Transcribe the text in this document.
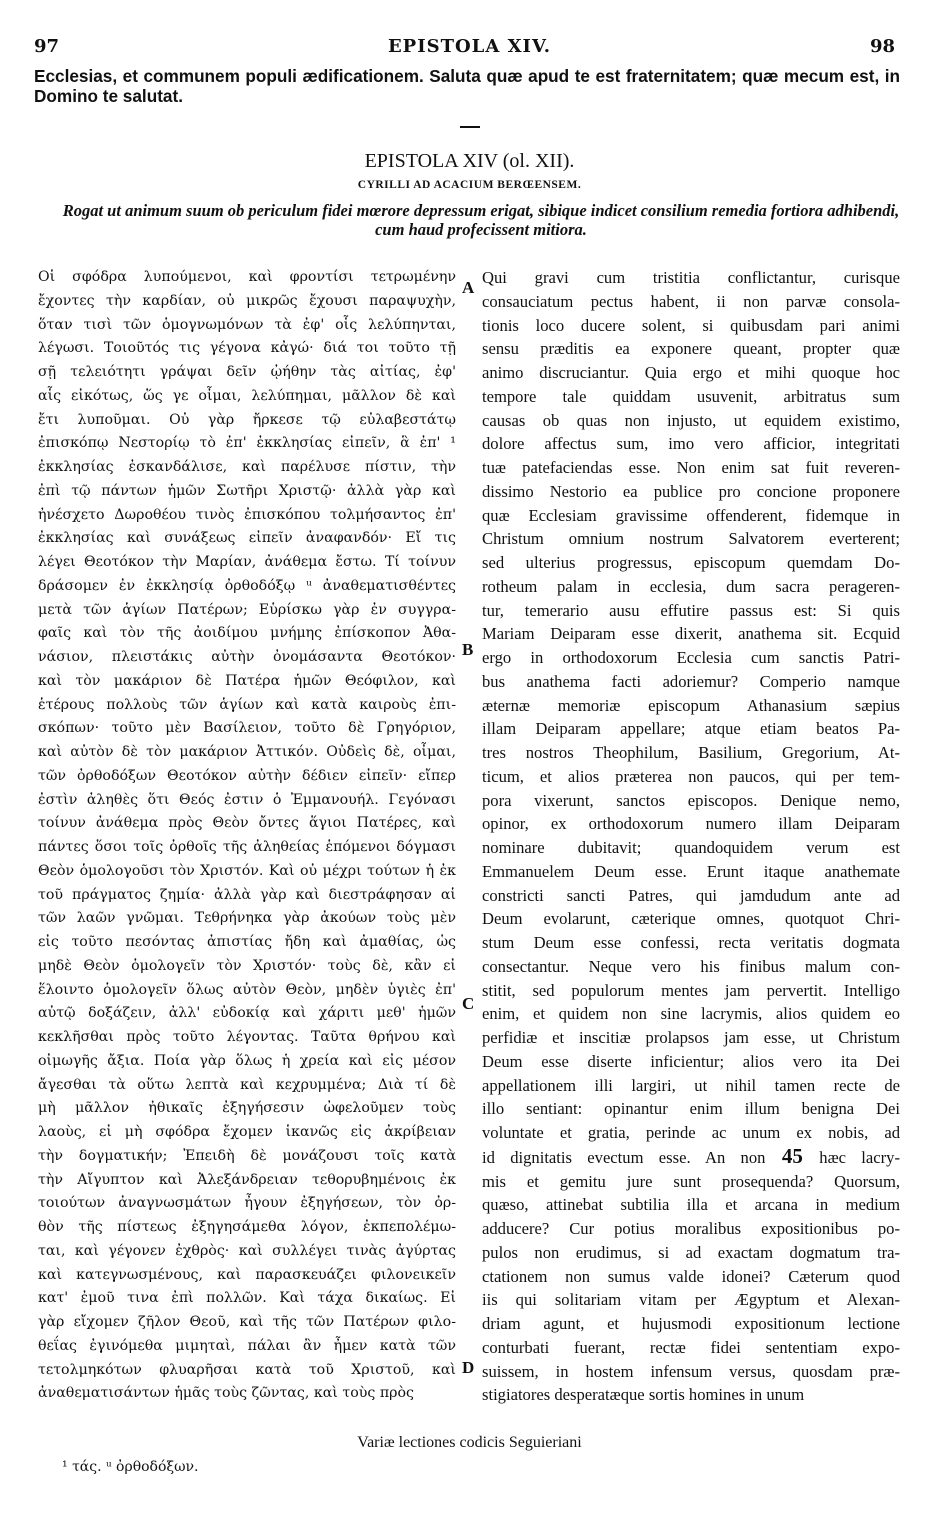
97	EPISTOLA XIV.	98
Ecclesias, et communem populi ædificationem. Saluta quæ apud te est fraternitatem; quæ mecum est, in Domino te salutat.
EPISTOLA XIV (ol. XII).
CYRILLI AD ACACIUM BERŒENSEM.
Rogat ut animum suum ob periculum fidei mœrore depressum erigat, sibique indicet consilium remedia fortiora adhibendi, cum haud profecissent mitiora.
Οἱ σφόδρα λυπούμενοι, καὶ φροντίσι τετρωμένην
ἔχοντες τὴν καρδίαν, οὐ μικρῶς ἔχουσι παραψυχὴν,
ὅταν τισὶ τῶν ὁμογνωμόνων τὰ ἐφ' οἷς λελύπηνται,
λέγωσι. Τοιοῦτός τις γέγονα κἀγώ· διά τοι τοῦτο τῇ
σῇ τελειότητι γράψαι δεῖν ᾠήθην τὰς αἰτίας, ἐφ'
αἷς εἰκότως, ὥς γε οἶμαι, λελύπημαι, μᾶλλον δὲ καὶ
ἔτι λυποῦμαι. Οὐ γὰρ ἤρκεσε τῷ εὐλαβεστάτῳ
ἐπισκόπῳ Νεστορίῳ τὸ ἐπ' ἐκκλησίας εἰπεῖν, ἃ ἐπ' ¹
ἐκκλησίας ἐσκανδάλισε, καὶ παρέλυσε πίστιν, τὴν
ἐπὶ τῷ πάντων ἡμῶν Σωτῆρι Χριστῷ· ἀλλὰ γὰρ καὶ
ἠνέσχετο Δωροθέου τινὸς ἐπισκόπου τολμήσαντος ἐπ'
ἐκκλησίας καὶ συνάξεως εἰπεῖν ἀναφανδόν· Εἴ τις
λέγει Θεοτόκον τὴν Μαρίαν, ἀνάθεμα ἔστω. Τί τοίνυν
δράσομεν ἐν ἐκκλησίᾳ ὀρθοδόξῳ ᵘ ἀναθεματισθέντες
μετὰ τῶν ἁγίων Πατέρων; Εὑρίσκω γὰρ ἐν συγγρα-
φαῖς καὶ τὸν τῆς ἀοιδίμου μνήμης ἐπίσκοπον Ἀθα-
νάσιον, πλειστάκις αὐτὴν ὀνομάσαντα Θεοτόκον·
καὶ τὸν μακάριον δὲ Πατέρα ἡμῶν Θεόφιλον, καὶ
ἑτέρους πολλοὺς τῶν ἁγίων καὶ κατὰ καιροὺς ἐπι-
σκόπων· τοῦτο μὲν Βασίλειον, τοῦτο δὲ Γρηγόριον,
καὶ αὐτὸν δὲ τὸν μακάριον Ἀττικόν. Οὐδεὶς δὲ, οἶμαι,
τῶν ὀρθοδόξων Θεοτόκον αὐτὴν δέδιεν εἰπεῖν· εἴπερ
ἐστὶν ἀληθὲς ὅτι Θεός ἐστιν ὁ Ἐμμανουήλ. Γεγόνασι
τοίνυν ἀνάθεμα πρὸς Θεὸν ὄντες ἅγιοι Πατέρες, καὶ
πάντες ὅσοι τοῖς ὀρθοῖς τῆς ἀληθείας ἑπόμενοι δόγμασι
Θεὸν ὁμολογοῦσι τὸν Χριστόν. Καὶ οὐ μέχρι τούτων ἡ ἐκ
τοῦ πράγματος ζημία· ἀλλὰ γὰρ καὶ διεστράφησαν αἱ
τῶν λαῶν γνῶμαι. Τεθρήνηκα γὰρ ἀκούων τοὺς μὲν
εἰς τοῦτο πεσόντας ἀπιστίας ἤδη καὶ ἀμαθίας, ὡς
μηδὲ Θεὸν ὁμολογεῖν τὸν Χριστόν· τοὺς δὲ, κἂν εἰ
ἕλοιντο ὁμολογεῖν ὅλως αὐτὸν Θεὸν, μηδὲν ὑγιὲς ἐπ'
αὐτῷ δοξάζειν, ἀλλ' εὐδοκίᾳ καὶ χάριτι μεθ' ἡμῶν
κεκλῆσθαι πρὸς τοῦτο λέγοντας. Ταῦτα θρήνου καὶ
οἰμωγῆς ἄξια. Ποία γὰρ ὅλως ἡ χρεία καὶ εἰς μέσον
ἄγεσθαι τὰ οὕτω λεπτὰ καὶ κεχρυμμένα; Διὰ τί δὲ
μὴ μᾶλλον ἠθικαῖς ἐξηγήσεσιν ὠφελοῦμεν τοὺς
λαοὺς, εἰ μὴ σφόδρα ἔχομεν ἱκανῶς εἰς ἀκρίβειαν
τὴν δογματικήν; Ἐπειδὴ δὲ μονάζουσι τοῖς κατὰ
τὴν Αἴγυπτον καὶ Ἀλεξάνδρειαν τεθορυβημένοις ἐκ
τοιούτων ἀναγνωσμάτων ἦγουν ἐξηγήσεων, τὸν ὀρ-
θὸν τῆς πίστεως ἐξηγησάμεθα λόγον, ἐκπεπολέμω-
ται, καὶ γέγονεν ἐχθρὸς· καὶ συλλέγει τινὰς ἀγύρτας
καὶ κατεγνωσμένους, καὶ παρασκευάζει φιλονεικεῖν
κατ' ἐμοῦ τινα ἐπὶ πολλῶν. Καὶ τάχα δικαίως. Εἰ
γὰρ εἴχομεν ζῆλον Θεοῦ, καὶ τῆς τῶν Πατέρων φιλο-
θεΐας ἐγινόμεθα μιμηταὶ, πάλαι ἂν ἦμεν κατὰ τῶν
τετολμηκότων φλυαρῆσαι κατὰ τοῦ Χριστοῦ, καὶ
ἀναθεματισάντων ἡμᾶς τοὺς ζῶντας, καὶ τοὺς πρὸς
Qui gravi cum tristitia conflictantur, curisque
consauciatum pectus habent, ii non parvæ consola-
tionis loco ducere solent, si quibusdam pari animi
sensu præditis ea exponere queant, propter quæ
animo discruciantur. Quia ergo et mihi quoque hoc
tempore tale quiddam usuvenit, arbitratus sum
causas ob quas non injusto, ut equidem existimo,
dolore affectus sum, imo vero afficior, integritati
tuæ patefaciendas esse. Non enim sat fuit reveren-
dissimo Nestorio ea publice pro concione proponere
quæ Ecclesiam gravissime offenderent, fidemque in
Christum omnium nostrum Salvatorem everterent;
sed ulterius progressus, episcopum quemdam Do-
rotheum palam in ecclesia, dum sacra perageren-
tur, temerario ausu effutire passus est: Si quis
Mariam Deiparam esse dixerit, anathema sit. Ecquid
ergo in orthodoxorum Ecclesia cum sanctis Patri-
bus anathema facti adoriemur? Comperio namque
æternæ memoriæ episcopum Athanasium sæpius
illam Deiparam appellare; atque etiam beatos Pa-
tres nostros Theophilum, Basilium, Gregorium, At-
ticum, et alios præterea non paucos, qui per tem-
pora vixerunt, sanctos episcopos. Denique nemo,
opinor, ex orthodoxorum numero illam Deiparam
nominare dubitavit; quandoquidem verum est
Emmanuelem Deum esse. Erunt itaque anathemate
constricti sancti Patres, qui jamdudum ante ad
Deum evolarunt, cæterique omnes, quotquot Chri-
stum Deum esse confessi, recta veritatis dogmata
consectantur. Neque vero his finibus malum con-
stitit, sed populorum mentes jam pervertit. Intelligo
enim, et quidem non sine lacrymis, alios quidem eo
perfidiæ et inscitiæ prolapsos jam esse, ut Christum
Deum esse diserte inficientur; alios vero ita Dei
appellationem illi largiri, ut nihil tamen recte de
illo sentiant: opinantur enim illum benigna Dei
voluntate et gratia, perinde ac unum ex nobis, ad
id dignitatis evectum esse. An non 45 hæc lacry-
mis et gemitu jure sunt prosequenda? Quorsum,
quæso, attinebat subtilia illa et arcana in medium
adducere? Cur potius moralibus expositionibus po-
pulos non erudimus, si ad exactam dogmatum tra-
ctationem non sumus valde idonei? Cæterum quod
iis qui solitariam vitam per Ægyptum et Alexan-
driam agunt, et hujusmodi expositionum lectione
conturbati fuerant, rectæ fidei sententiam expo-
suissem, in hostem infensum versus, quosdam præ-
stigiatores desperatæque sortis homines in unum
A
B
C
D
Variæ lectiones codicis Seguieriani
¹ τάς. ᵘ ὀρθοδόξων.
